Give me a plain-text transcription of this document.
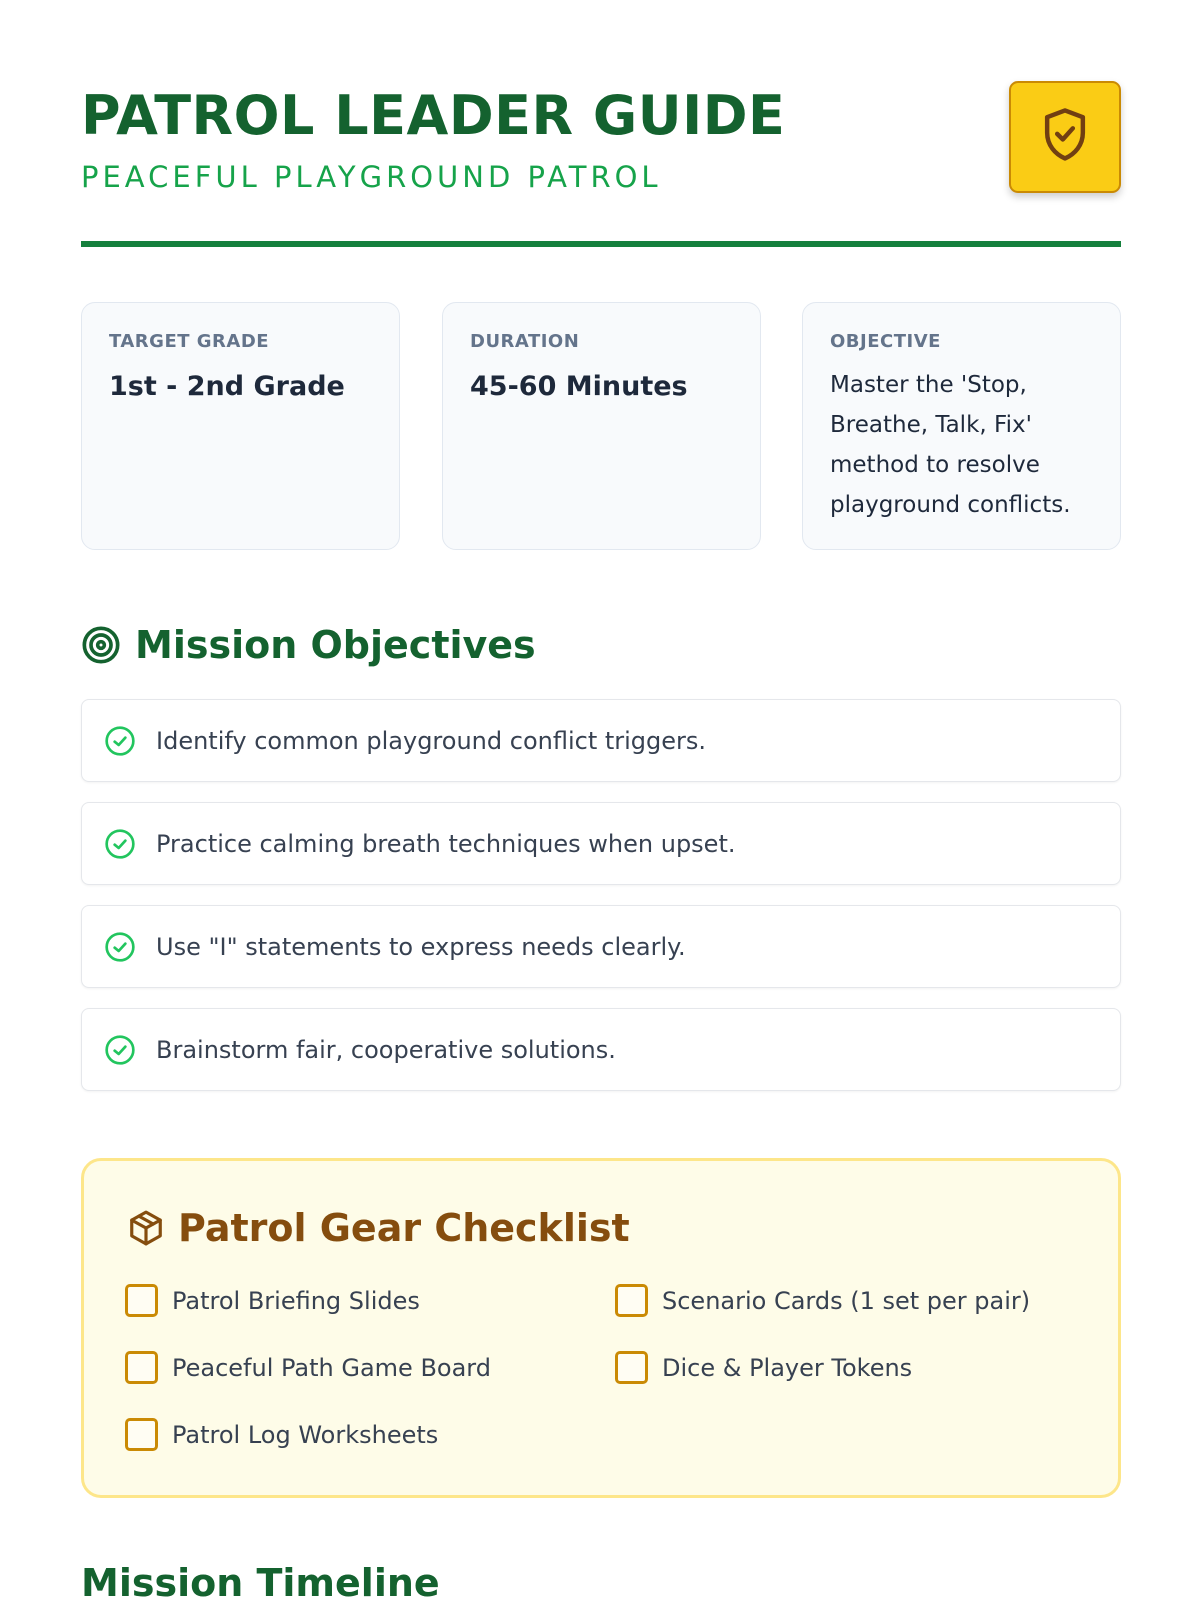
PATROL LEADER GUIDE
PEACEFUL PLAYGROUND PATROL
TARGET GRADE
1st - 2nd Grade
DURATION
45-60 Minutes
OBJECTIVE
Master the 'Stop, Breathe, Talk, Fix' method to resolve playground conflicts.
Mission Objectives
Identify common playground conflict triggers.
Practice calming breath techniques when upset.
Use "I" statements to express needs clearly.
Brainstorm fair, cooperative solutions.
Patrol Gear Checklist
Patrol Briefing Slides	Scenario Cards (1 set per pair)
Peaceful Path Game Board	Dice & Player Tokens
Patrol Log Worksheets
Mission Timeline
